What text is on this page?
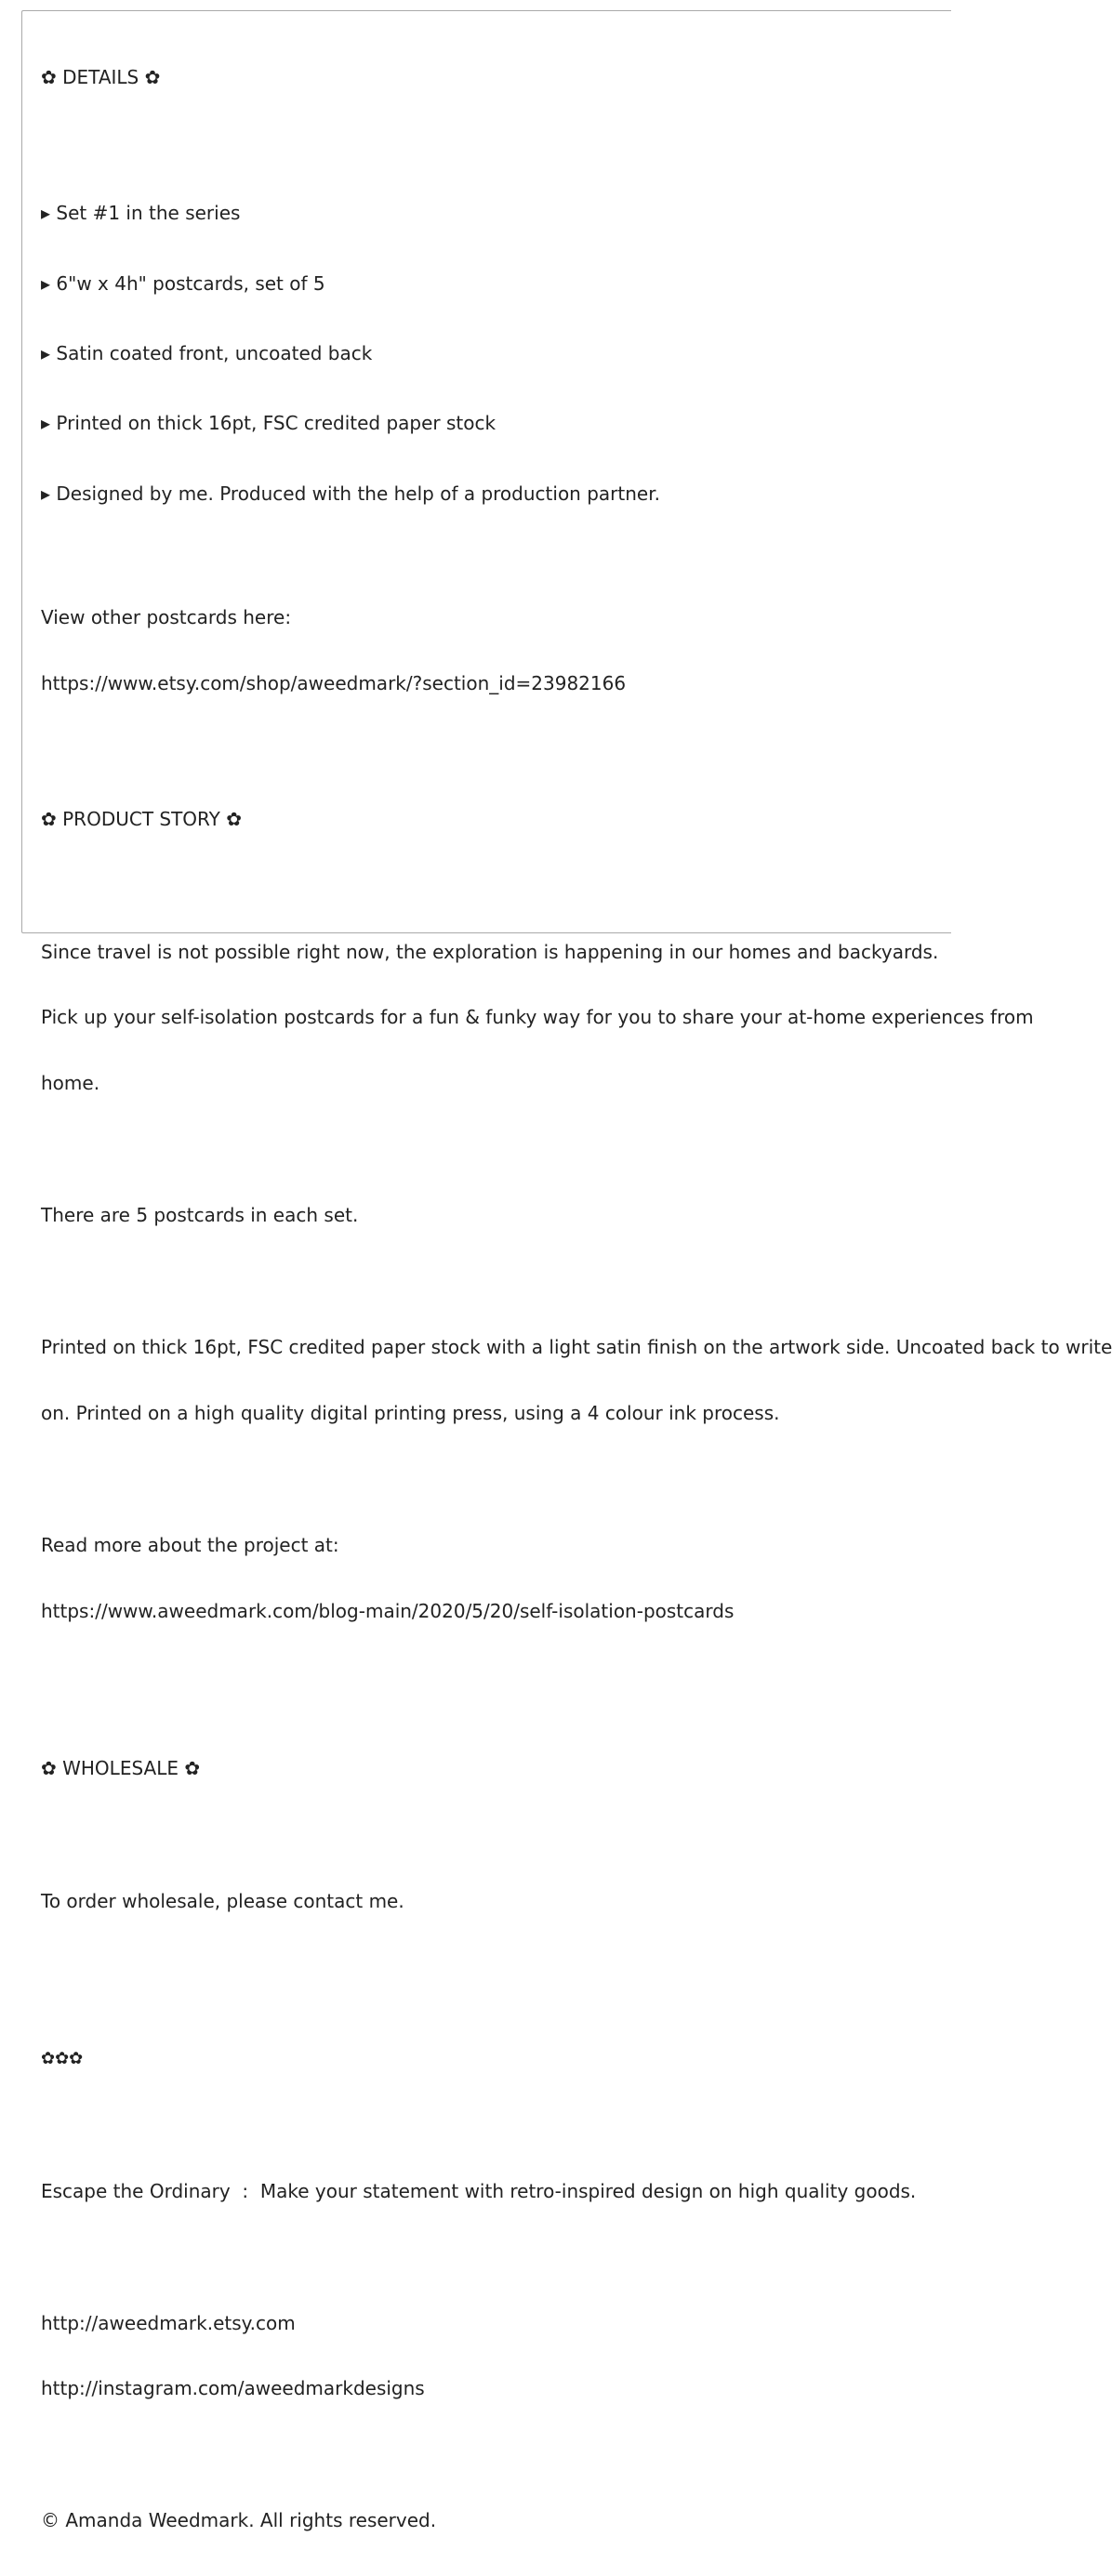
✿ DETAILS ✿

▸ Set #1 in the series

▸ 6"w x 4h" postcards, set of 5

▸ Satin coated front, uncoated back

▸ Printed on thick 16pt, FSC credited paper stock

▸ Designed by me. Produced with the help of a production partner.

View other postcards here:

https://www.etsy.com/shop/aweedmark/?section_id=23982166

✿ PRODUCT STORY ✿

Since travel is not possible right now, the exploration is happening in our homes and backyards.

Pick up your self-isolation postcards for a fun & funky way for you to share your at-home experiences from

home.

There are 5 postcards in each set.

Printed on thick 16pt, FSC credited paper stock with a light satin finish on the artwork side. Uncoated back to write

on. Printed on a high quality digital printing press, using a 4 colour ink process.

Read more about the project at:

https://www.aweedmark.com/blog-main/2020/5/20/self-isolation-postcards

✿ WHOLESALE ✿

To order wholesale, please contact me.

✿✿✿

Escape the Ordinary  :  Make your statement with retro-inspired design on high quality goods.

http://aweedmark.etsy.com

http://instagram.com/aweedmarkdesigns

© Amanda Weedmark. All rights reserved.
